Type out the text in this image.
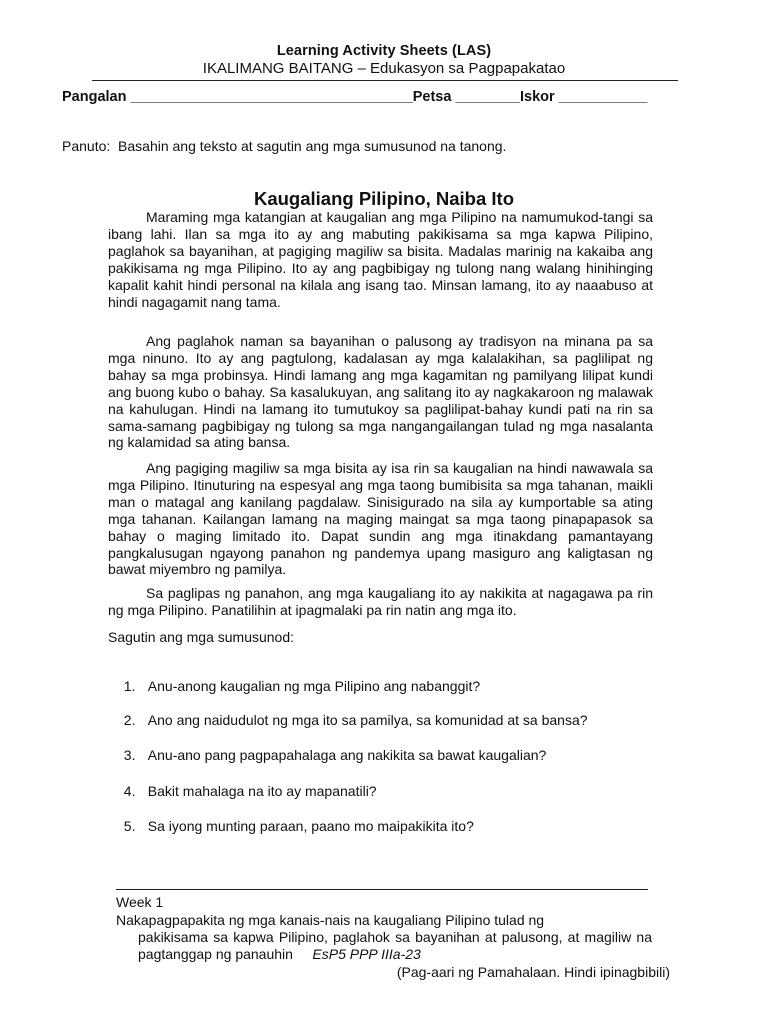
Learning Activity Sheets (LAS)
IKALIMANG BAITANG – Edukasyon sa Pagpapakatao
Pangalan ___________________________________Petsa ________Iskor ___________
Panuto:  Basahin ang teksto at sagutin ang mga sumusunod na tanong.
Kaugaliang Pilipino, Naiba Ito
Maraming mga katangian at kaugalian ang mga Pilipino na namumukod-tangi sa ibang lahi. Ilan sa mga ito ay ang mabuting pakikisama sa mga kapwa Pilipino, paglahok sa bayanihan, at pagiging magiliw sa bisita. Madalas marinig na kakaiba ang pakikisama ng mga Pilipino. Ito ay ang pagbibigay ng tulong nang walang hinihinging kapalit kahit hindi personal na kilala ang isang tao. Minsan lamang, ito ay naaabuso at hindi nagagamit nang tama.
Ang paglahok naman sa bayanihan o palusong ay tradisyon na minana pa sa mga ninuno. Ito ay ang pagtulong, kadalasan ay mga kalalakihan, sa paglilipat ng bahay sa mga probinsya. Hindi lamang ang mga kagamitan ng pamilyang lilipat kundi ang buong kubo o bahay. Sa kasalukuyan, ang salitang ito ay nagkakaroon ng malawak na kahulugan. Hindi na lamang ito tumutukoy sa paglilipat-bahay kundi pati na rin sa sama-samang pagbibigay ng tulong sa mga nangangailangan tulad ng mga nasalanta ng kalamidad sa ating bansa.
Ang pagiging magiliw sa mga bisita ay isa rin sa kaugalian na hindi nawawala sa mga Pilipino. Itinuturing na espesyal ang mga taong bumibisita sa mga tahanan, maikli man o matagal ang kanilang pagdalaw. Sinisigurado na sila ay kumportable sa ating mga tahanan. Kailangan lamang na maging maingat sa mga taong pinapapasok sa bahay o maging limitado ito. Dapat sundin ang mga itinakdang pamantayang pangkalusugan ngayong panahon ng pandemya upang masiguro ang kaligtasan ng bawat miyembro ng pamilya.
Sa paglipas ng panahon, ang mga kaugaliang ito ay nakikita at nagagawa pa rin ng mga Pilipino. Panatilihin at ipagmalaki pa rin natin ang mga ito.
Sagutin ang mga sumusunod:

1. Anu-anong kaugalian ng mga Pilipino ang nabanggit?

2. Ano ang naidudulot ng mga ito sa pamilya, sa komunidad at sa bansa?

3. Anu-ano pang pagpapahalaga ang nakikita sa bawat kaugalian?

4. Bakit mahalaga na ito ay mapanatili?

5. Sa iyong munting paraan, paano mo maipakikita ito?

Week 1
Nakapagpapakita ng mga kanais-nais na kaugaliang Pilipino tulad ng
pakikisama sa kapwa Pilipino, paglahok sa bayanihan at palusong, at magiliw na pagtanggap ng panauhin EsP5 PPP IIIa-23
(Pag-aari ng Pamahalaan. Hindi ipinagbibili)
